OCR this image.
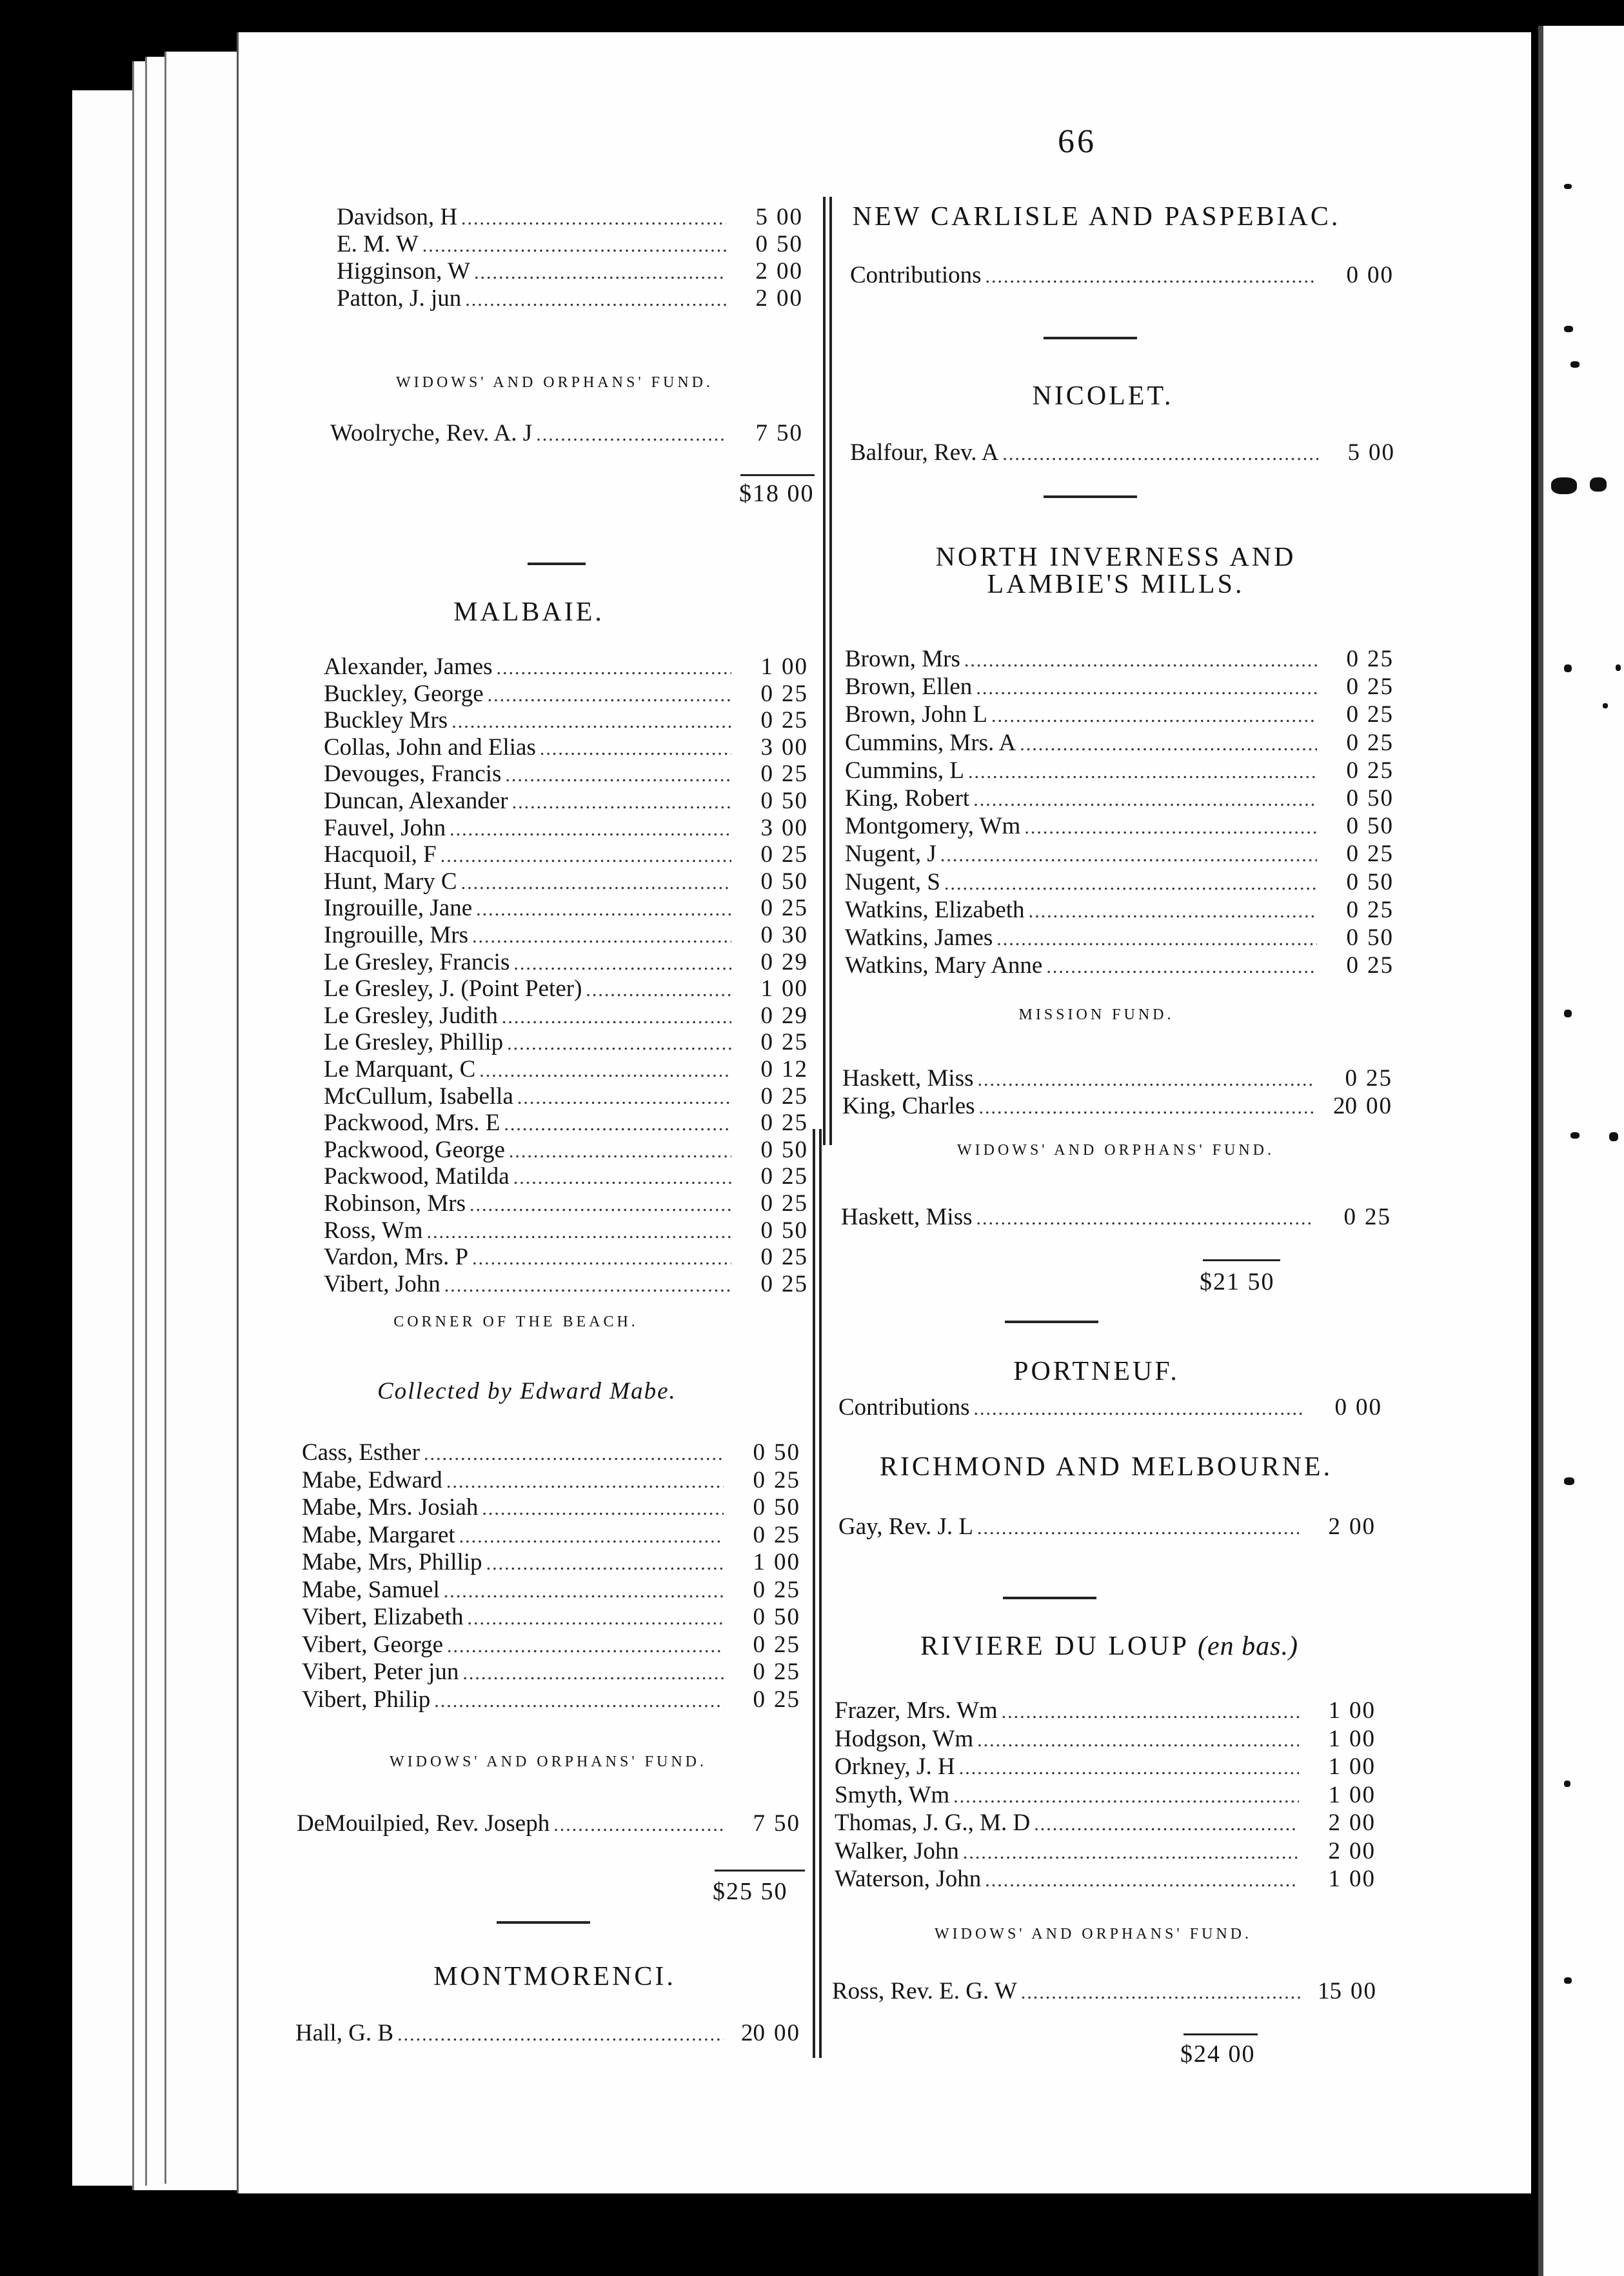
66
Davidson, H .....	5 00
E. M. W .....	0 50
Higginson, W .....	2 00
Patton, J. jun .....	2 00
WIDOWS' AND ORPHANS' FUND.
Woolryche, Rev. A. J .....	7 50
$18 00
MALBAIE.
Alexander, James .....	1 00
Buckley, George .....	0 25
Buckley Mrs .....	0 25
Collas, John and Elias .....	3 00
Devouges, Francis .....	0 25
Duncan, Alexander .....	0 50
Fauvel, John .....	3 00
Hacquoil, F .....	0 25
Hunt, Mary C .....	0 50
Ingrouille, Jane .....	0 25
Ingrouille, Mrs .....	0 30
Le Gresley, Francis .....	0 29
Le Gresley, J. (Point Peter) .....	1 00
Le Gresley, Judith .....	0 29
Le Gresley, Phillip .....	0 25
Le Marquant, C .....	0 12
McCullum, Isabella .....	0 25
Packwood, Mrs. E .....	0 25
Packwood, George .....	0 50
Packwood, Matilda .....	0 25
Robinson, Mrs .....	0 25
Ross, Wm .....	0 50
Vardon, Mrs. P .....	0 25
Vibert, John .....	0 25
CORNER OF THE BEACH.
Collected by Edward Mabe.
Cass, Esther .....	0 50
Mabe, Edward .....	0 25
Mabe, Mrs. Josiah .....	0 50
Mabe, Margaret .....	0 25
Mabe, Mrs, Phillip .....	1 00
Mabe, Samuel .....	0 25
Vibert, Elizabeth .....	0 50
Vibert, George .....	0 25
Vibert, Peter jun .....	0 25
Vibert, Philip .....	0 25
WIDOWS' AND ORPHANS' FUND.
DeMouilpied, Rev. Joseph .....	7 50
$25 50
MONTMORENCI.
Hall, G. B .....	20 00
NEW CARLISLE AND PASPEBIAC.
Contributions .....	0 00
NICOLET.
Balfour, Rev. A .....	5 00
NORTH INVERNESS AND
LAMBIE'S MILLS.
Brown, Mrs .....	0 25
Brown, Ellen .....	0 25
Brown, John L .....	0 25
Cummins, Mrs. A .....	0 25
Cummins, L .....	0 25
King, Robert .....	0 50
Montgomery, Wm .....	0 50
Nugent, J .....	0 25
Nugent, S .....	0 50
Watkins, Elizabeth .....	0 25
Watkins, James .....	0 50
Watkins, Mary Anne .....	0 25
MISSION FUND.
Haskett, Miss .....	0 25
King, Charles .....	20 00
WIDOWS' AND ORPHANS' FUND.
Haskett, Miss .....	0 25
$21 50
PORTNEUF.
Contributions .....	0 00
RICHMOND AND MELBOURNE.
Gay, Rev. J. L .....	2 00
RIVIERE DU LOUP (en bas.)
Frazer, Mrs. Wm .....	1 00
Hodgson, Wm .....	1 00
Orkney, J. H .....	1 00
Smyth, Wm .....	1 00
Thomas, J. G., M. D .....	2 00
Walker, John .....	2 00
Waterson, John .....	1 00
WIDOWS' AND ORPHANS' FUND.
Ross, Rev. E. G. W .....	15 00
$24 00
